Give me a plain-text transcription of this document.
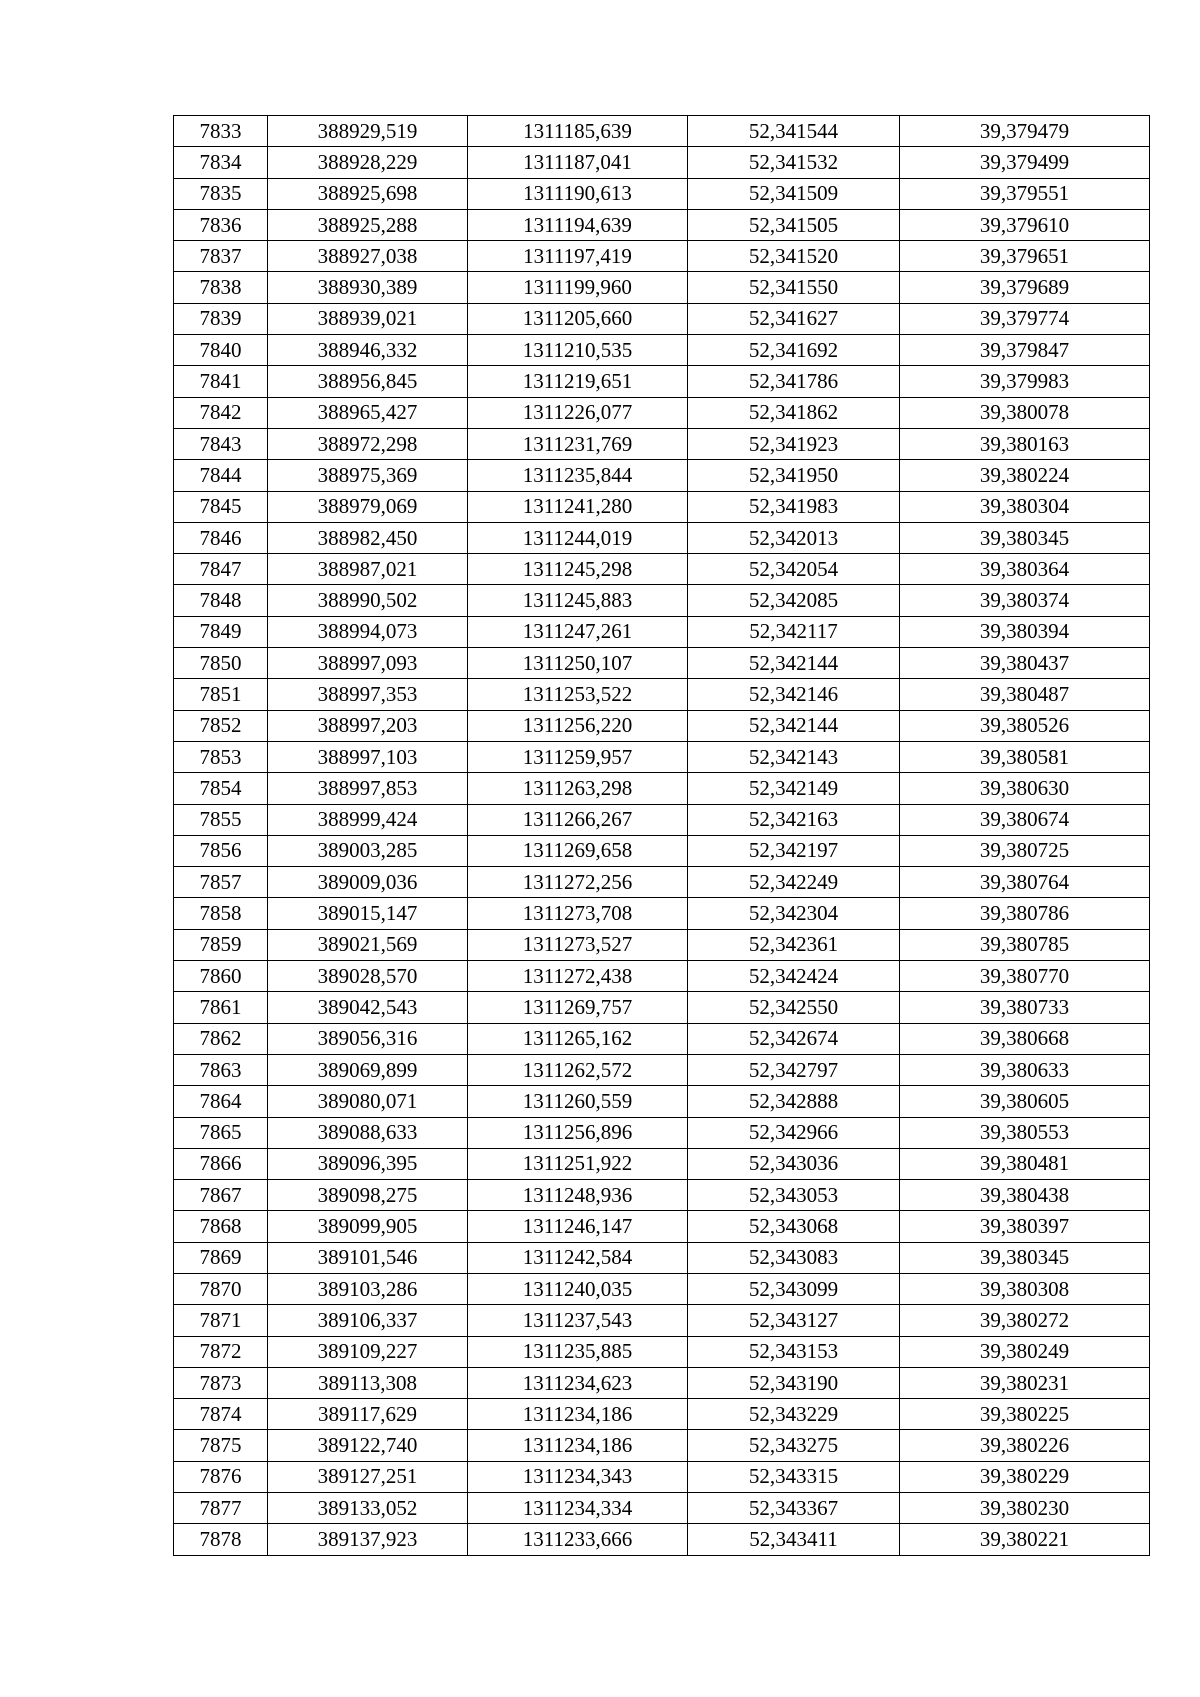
7833	388929,519	1311185,639	52,341544	39,379479
7834	388928,229	1311187,041	52,341532	39,379499
7835	388925,698	1311190,613	52,341509	39,379551
7836	388925,288	1311194,639	52,341505	39,379610
7837	388927,038	1311197,419	52,341520	39,379651
7838	388930,389	1311199,960	52,341550	39,379689
7839	388939,021	1311205,660	52,341627	39,379774
7840	388946,332	1311210,535	52,341692	39,379847
7841	388956,845	1311219,651	52,341786	39,379983
7842	388965,427	1311226,077	52,341862	39,380078
7843	388972,298	1311231,769	52,341923	39,380163
7844	388975,369	1311235,844	52,341950	39,380224
7845	388979,069	1311241,280	52,341983	39,380304
7846	388982,450	1311244,019	52,342013	39,380345
7847	388987,021	1311245,298	52,342054	39,380364
7848	388990,502	1311245,883	52,342085	39,380374
7849	388994,073	1311247,261	52,342117	39,380394
7850	388997,093	1311250,107	52,342144	39,380437
7851	388997,353	1311253,522	52,342146	39,380487
7852	388997,203	1311256,220	52,342144	39,380526
7853	388997,103	1311259,957	52,342143	39,380581
7854	388997,853	1311263,298	52,342149	39,380630
7855	388999,424	1311266,267	52,342163	39,380674
7856	389003,285	1311269,658	52,342197	39,380725
7857	389009,036	1311272,256	52,342249	39,380764
7858	389015,147	1311273,708	52,342304	39,380786
7859	389021,569	1311273,527	52,342361	39,380785
7860	389028,570	1311272,438	52,342424	39,380770
7861	389042,543	1311269,757	52,342550	39,380733
7862	389056,316	1311265,162	52,342674	39,380668
7863	389069,899	1311262,572	52,342797	39,380633
7864	389080,071	1311260,559	52,342888	39,380605
7865	389088,633	1311256,896	52,342966	39,380553
7866	389096,395	1311251,922	52,343036	39,380481
7867	389098,275	1311248,936	52,343053	39,380438
7868	389099,905	1311246,147	52,343068	39,380397
7869	389101,546	1311242,584	52,343083	39,380345
7870	389103,286	1311240,035	52,343099	39,380308
7871	389106,337	1311237,543	52,343127	39,380272
7872	389109,227	1311235,885	52,343153	39,380249
7873	389113,308	1311234,623	52,343190	39,380231
7874	389117,629	1311234,186	52,343229	39,380225
7875	389122,740	1311234,186	52,343275	39,380226
7876	389127,251	1311234,343	52,343315	39,380229
7877	389133,052	1311234,334	52,343367	39,380230
7878	389137,923	1311233,666	52,343411	39,380221
